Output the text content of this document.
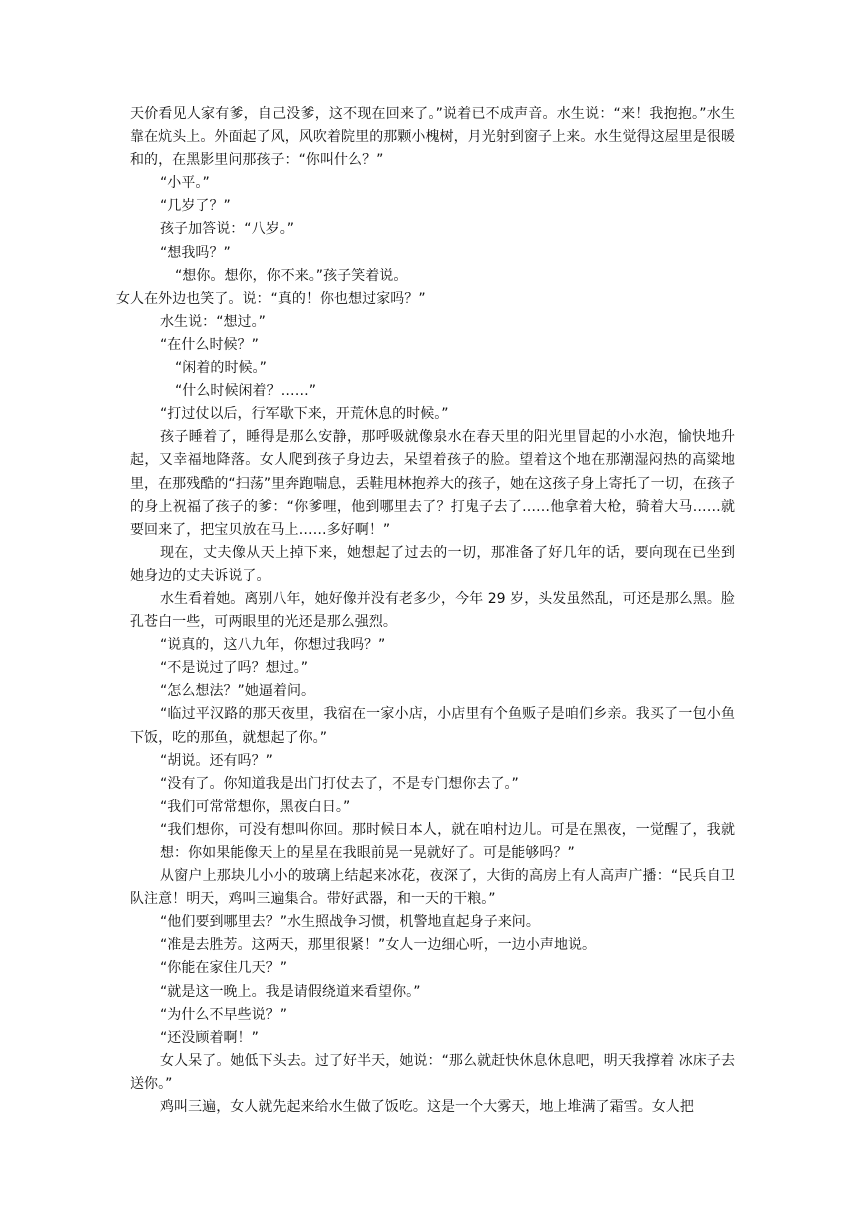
天价看见人家有爹，自己没爹，这不现在回来了。”说着已不成声音。水生说：“来！我抱抱。”水生靠在炕头上。外面起了风，风吹着院里的那颗小槐树，月光射到窗子上来。水生觉得这屋里是很暖和的，在黑影里问那孩子：“你叫什么？”

“小平。”

“几岁了？”

孩子加答说：“八岁。”

“想我吗？”

“想你。想你，你不来。”孩子笑着说。

女人在外边也笑了。说：“真的！你也想过家吗？”

水生说：“想过。”

“在什么时候？”

“闲着的时候。”

“什么时候闲着？……”

“打过仗以后，行军歇下来，开荒休息的时候。”

孩子睡着了，睡得是那么安静，那呼吸就像泉水在春天里的阳光里冒起的小水泡，愉快地升起，又幸福地降落。女人爬到孩子身边去，呆望着孩子的脸。望着这个地在那潮湿闷热的高粱地里，在那残酷的“扫荡”里奔跑喘息，丢鞋甩林抱养大的孩子，她在这孩子身上寄托了一切，在孩子的身上祝福了孩子的爹：“你爹哩，他到哪里去了？打鬼子去了……他拿着大枪，骑着大马……就要回来了，把宝贝放在马上……多好啊！”

现在，丈夫像从天上掉下来，她想起了过去的一切，那准备了好几年的话，要向现在已坐到她身边的丈夫诉说了。

水生看着她。离别八年，她好像并没有老多少，今年 29 岁，头发虽然乱，可还是那么黑。脸孔苍白一些，可两眼里的光还是那么强烈。

“说真的，这八九年，你想过我吗？”

“不是说过了吗？想过。”

“怎么想法？”她逼着问。

“临过平汉路的那天夜里，我宿在一家小店，小店里有个鱼贩子是咱们乡亲。我买了一包小鱼下饭，吃的那鱼，就想起了你。”

“胡说。还有吗？”

“没有了。你知道我是出门打仗去了，不是专门想你去了。”

“我们可常常想你，黑夜白日。”

“我们想你，可没有想叫你回。那时候日本人，就在咱村边儿。可是在黑夜，一觉醒了，我就想：你如果能像天上的星星在我眼前晃一晃就好了。可是能够吗？”

从窗户上那块儿小小的玻璃上结起来冰花，夜深了，大街的高房上有人高声广播：“民兵自卫队注意！明天，鸡叫三遍集合。带好武器，和一天的干粮。”

“他们要到哪里去？”水生照战争习惯，机警地直起身子来问。

“准是去胜芳。这两天，那里很紧！”女人一边细心听，一边小声地说。

“你能在家住几天？”

“就是这一晚上。我是请假绕道来看望你。”

“为什么不早些说？”

“还没顾着啊！”

女人呆了。她低下头去。过了好半天，她说：“那么就赶快休息休息吧，明天我撑着 冰床子去送你。”

鸡叫三遍，女人就先起来给水生做了饭吃。这是一个大雾天，地上堆满了霜雪。女人把
